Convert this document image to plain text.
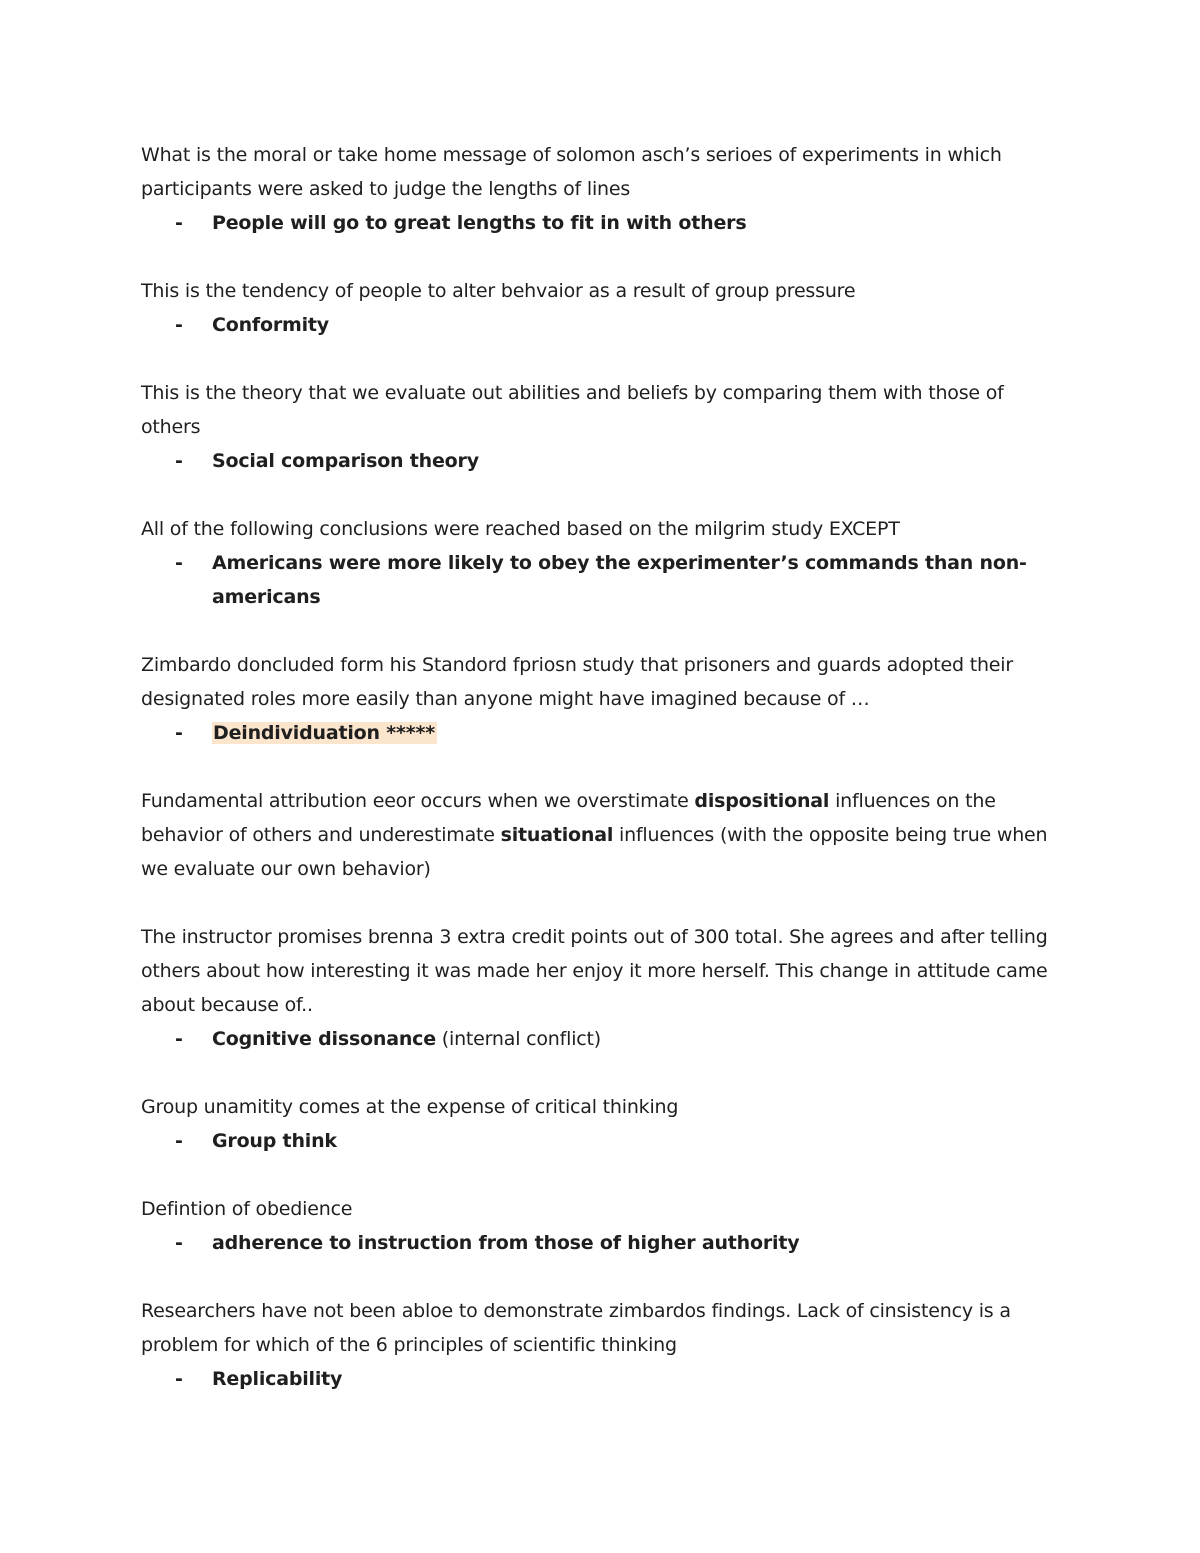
What is the moral or take home message of solomon asch’s serioes of experiments in which participants were asked to judge the lengths of lines

- People will go to great lengths to fit in with others

This is the tendency of people to alter behvaior as a result of group pressure

- Conformity

This is the theory that we evaluate out abilities and beliefs by comparing them with those of others

- Social comparison theory

All of the following conclusions were reached based on the milgrim study EXCEPT

- Americans were more likely to obey the experimenter’s commands than non-americans

Zimbardo doncluded form his Standord fpriosn study that prisoners and guards adopted their designated roles more easily than anyone might have imagined because of …

- Deindividuation *****

Fundamental attribution eeor occurs when we overstimate dispositional influences on the behavior of others and underestimate situational influences (with the opposite being true when we evaluate our own behavior)

The instructor promises brenna 3 extra credit points out of 300 total. She agrees and after telling others about how interesting it was made her enjoy it more herself. This change in attitude came about because of..

- Cognitive dissonance (internal conflict)

Group unamitity comes at the expense of critical thinking

- Group think

Defintion of obedience

- adherence to instruction from those of higher authority

Researchers have not been abloe to demonstrate zimbardos findings. Lack of cinsistency is a problem for which of the 6 principles of scientific thinking

- Replicability
